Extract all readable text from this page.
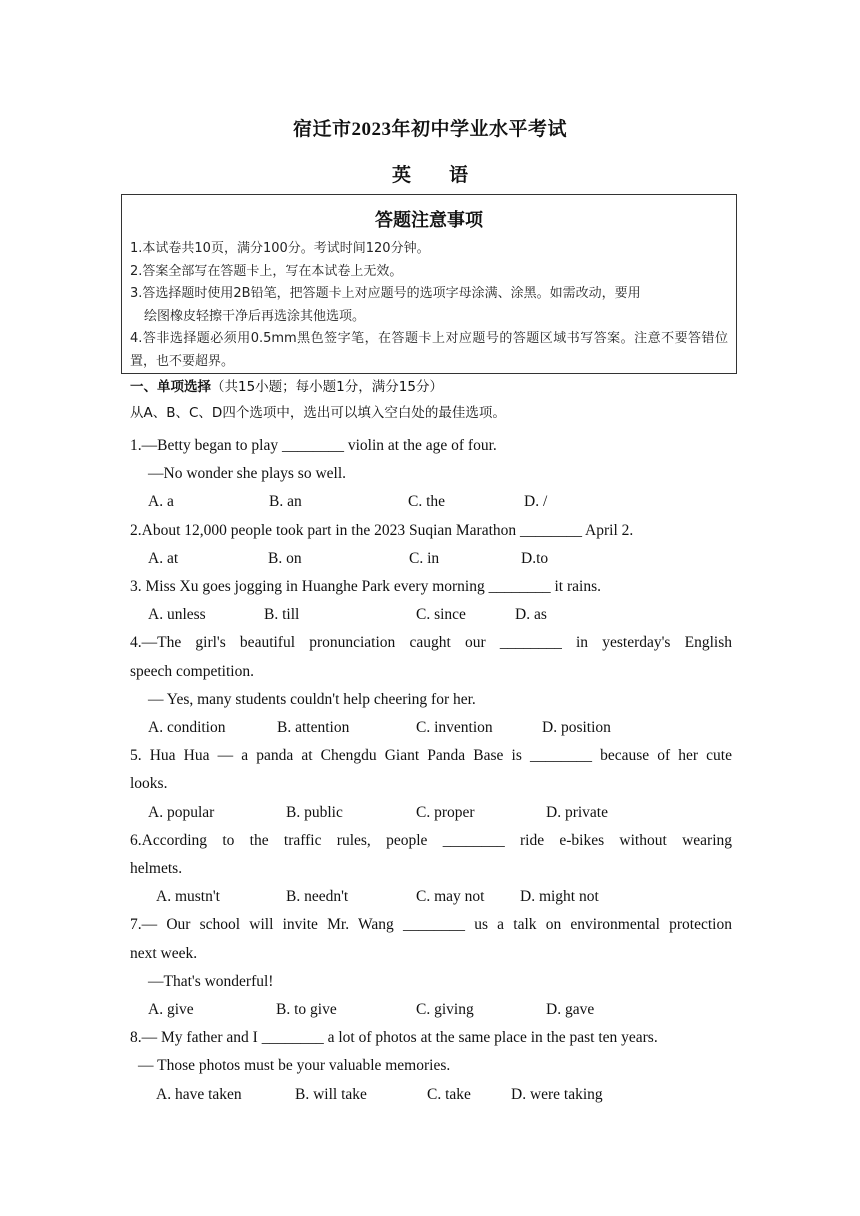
宿迁市2023年初中学业水平考试
英语
答题注意事项

1.本试卷共10页，满分100分。考试时间120分钟。

2.答案全部写在答题卡上，写在本试卷上无效。

3.答选择题时使用2B铅笔，把答题卡上对应题号的选项字母涂满、涂黑。如需改动，要用

绘图橡皮轻擦干净后再选涂其他选项。

4.答非选择题必须用0.5mm黑色签字笔，在答题卡上对应题号的答题区域书写答案。注意不要答错位置，也不要超界。

一、单项选择（共15小题；每小题1分，满分15分）

从A、B、C、D四个选项中，选出可以填入空白处的最佳选项。

1.—Betty began to play ________ violin at the age of four.

—No wonder she plays so well.

A. a	B. an	C. the	D. /

2.About 12,000 people took part in the 2023 Suqian Marathon ________ April 2.

A. at	B. on	C. in	D.to

3. Miss Xu goes jogging in Huanghe Park every morning ________ it rains.

A. unless	B. till	C. since	D. as

4.—The girl's beautiful pronunciation caught our ________ in yesterday's English

speech competition.

— Yes, many students couldn't help cheering for her.

A. condition	B. attention	C. invention	D. position

5. Hua Hua — a panda at Chengdu Giant Panda Base is ________ because of her cute

looks.

A. popular	B. public	C. proper	D. private

6.According to the traffic rules, people ________ ride e-bikes without wearing

helmets.

A. mustn't	B. needn't	C. may not D. might not

7.— Our school will invite Mr. Wang ________ us a talk on environmental protection

next week.

—That's wonderful!

A. give	B. to give	C. giving	D. gave

8.— My father and I ________ a lot of photos at the same place in the past ten years.

— Those photos must be your valuable memories.

A. have taken	B. will take	C. take	D. were taking
